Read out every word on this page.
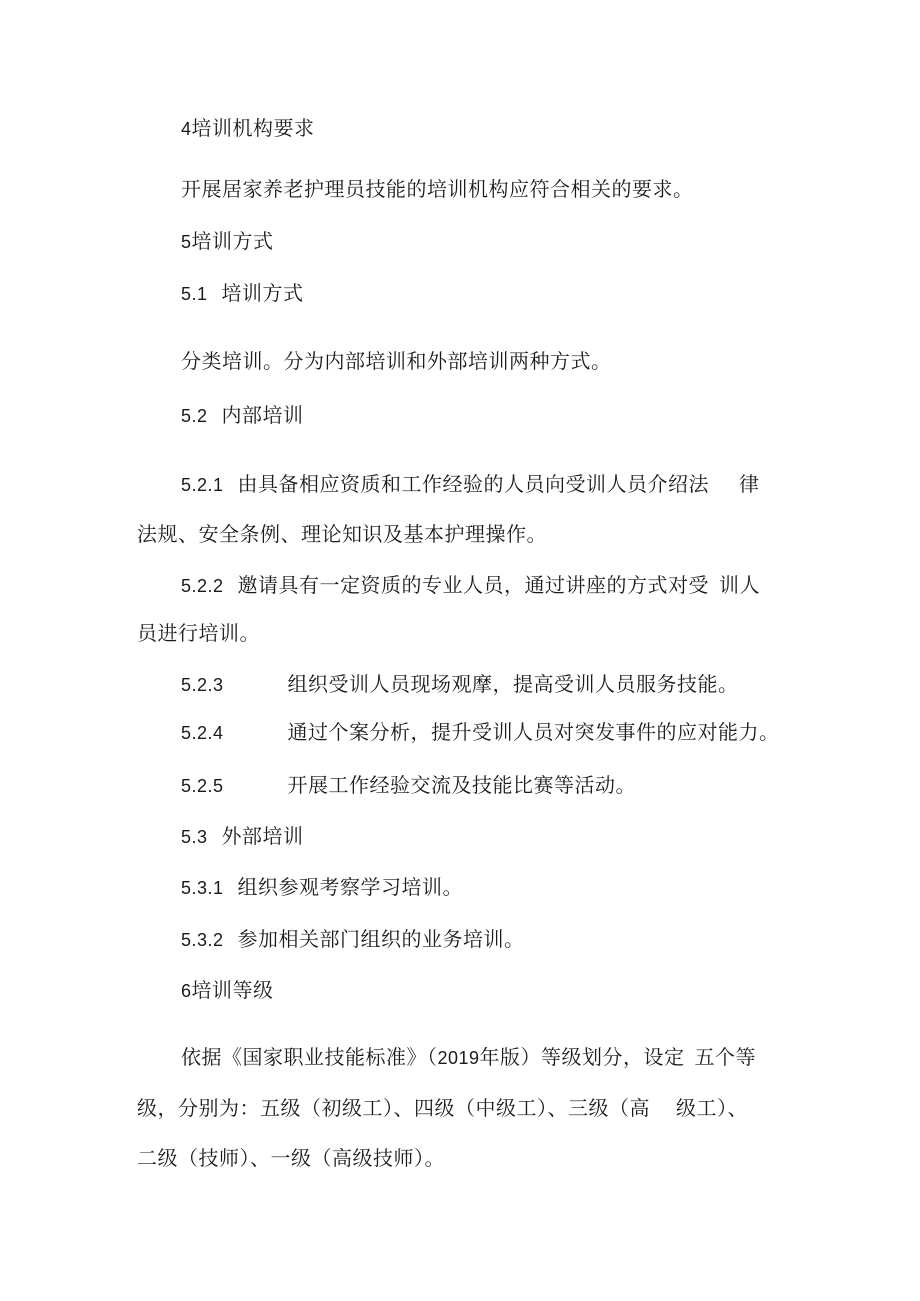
4培训机构要求
开展居家养老护理员技能的培训机构应符合相关的要求。
5培训方式
5.1 培训方式
分类培训。分为内部培训和外部培训两种方式。
5.2 内部培训
5.2.1 由具备相应资质和工作经验的人员向受训人员介绍法 律
法规、安全条例、理论知识及基本护理操作。
5.2.2 邀请具有一定资质的专业人员，通过讲座的方式对受 训人
员进行培训。
5.2.3	组织受训人员现场观摩，提高受训人员服务技能。
5.2.4	通过个案分析，提升受训人员对突发事件的应对能力。
5.2.5	开展工作经验交流及技能比赛等活动。
5.3 外部培训
5.3.1 组织参观考察学习培训。
5.3.2 参加相关部门组织的业务培训。
6培训等级
依据《国家职业技能标准》（2019年版）等级划分，设定 五个等
级，分别为：五级（初级工）、四级（中级工）、三级（高 级工）、
二级（技师）、一级（高级技师）。
